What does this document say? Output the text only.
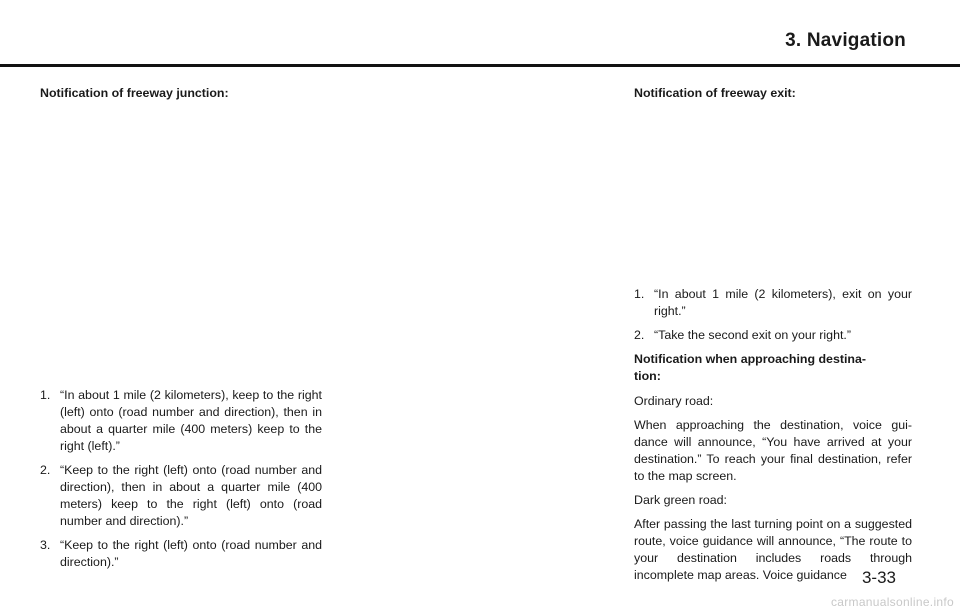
3. Navigation
Notification of freeway junction:
1. “In about 1 mile (2 kilometers), keep to the right (left) onto (road number and direction), then in about a quarter mile (400 meters) keep to the right (left).”
2. “Keep to the right (left) onto (road number and direction), then in about a quarter mile (400 meters) keep to the right (left) onto (road number and direction).”
3. “Keep to the right (left) onto (road number and direction).”
Notification of freeway exit:
1. “In about 1 mile (2 kilometers), exit on your right.”
2. “Take the second exit on your right.”
Notification when approaching destina-tion:

Ordinary road:

When approaching the destination, voice gui-dance will announce, “You have arrived at your destination.” To reach your final destination, refer to the map screen.

Dark green road:

After passing the last turning point on a suggested route, voice guidance will announce, “The route to your destination includes roads through incomplete map areas. Voice guidance 3-33
carmanualsonline.info
